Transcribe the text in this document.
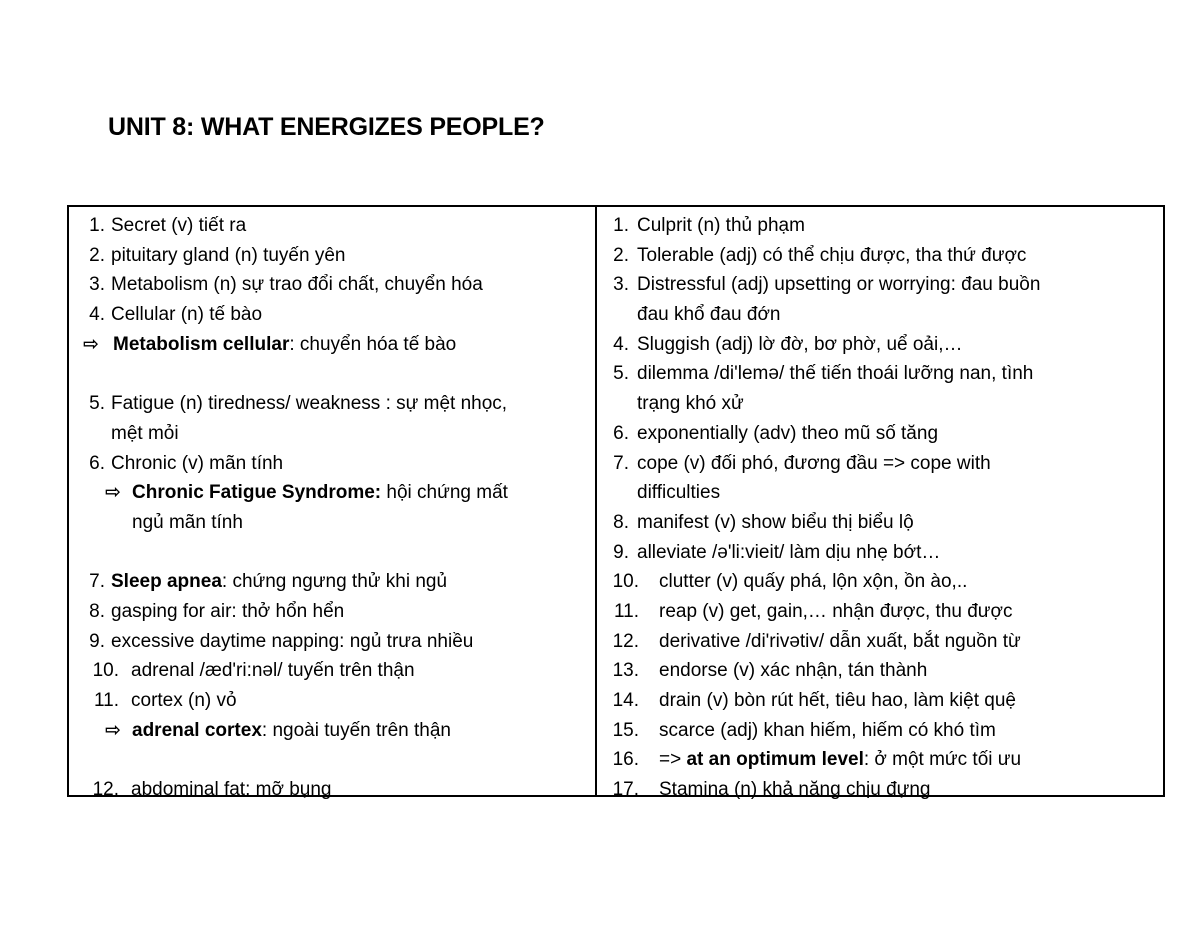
UNIT 8: WHAT ENERGIZES PEOPLE?
1. Secret (v) tiết ra
2. pituitary gland (n) tuyến yên
3. Metabolism (n) sự trao đổi chất, chuyển hóa
4. Cellular (n) tế bào
⇨ Metabolism cellular: chuyển hóa tế bào
5. Fatigue (n) tiredness/ weakness : sự mệt nhọc,
mệt mỏi
6. Chronic (v) mãn tính
⇨ Chronic Fatigue Syndrome: hội chứng mất
ngủ mãn tính
7. Sleep apnea: chứng ngưng thử khi ngủ
8. gasping for air: thở hổn hển
9. excessive daytime napping: ngủ trưa nhiều
10. adrenal /æd'ri:nəl/ tuyến trên thận
11. cortex (n) vỏ
⇨ adrenal cortex: ngoài tuyến trên thận
12. abdominal fat: mỡ bụng
1. Culprit (n) thủ phạm
2. Tolerable (adj) có thể chịu được, tha thứ được
3. Distressful (adj) upsetting or worrying: đau buồn
đau khổ đau đớn
4. Sluggish (adj) lờ đờ, bơ phờ, uể oải,…
5. dilemma /di'lemə/ thế tiến thoái lưỡng nan, tình
trạng khó xử
6. exponentially (adv) theo mũ số tăng
7. cope (v) đối phó, đương đầu => cope with
difficulties
8. manifest (v) show biểu thị biểu lộ
9. alleviate /ə'li:vieit/ làm dịu nhẹ bớt…
10. clutter (v) quấy phá, lộn xộn, ồn ào,..
11. reap (v) get, gain,… nhận được, thu được
12. derivative /di'rivətiv/ dẫn xuất, bắt nguồn từ
13. endorse (v) xác nhận, tán thành
14. drain (v) bòn rút hết, tiêu hao, làm kiệt quệ
15. scarce (adj) khan hiếm, hiếm có khó tìm
16. => at an optimum level: ở một mức tối ưu
17. Stamina (n) khả năng chịu đựng
